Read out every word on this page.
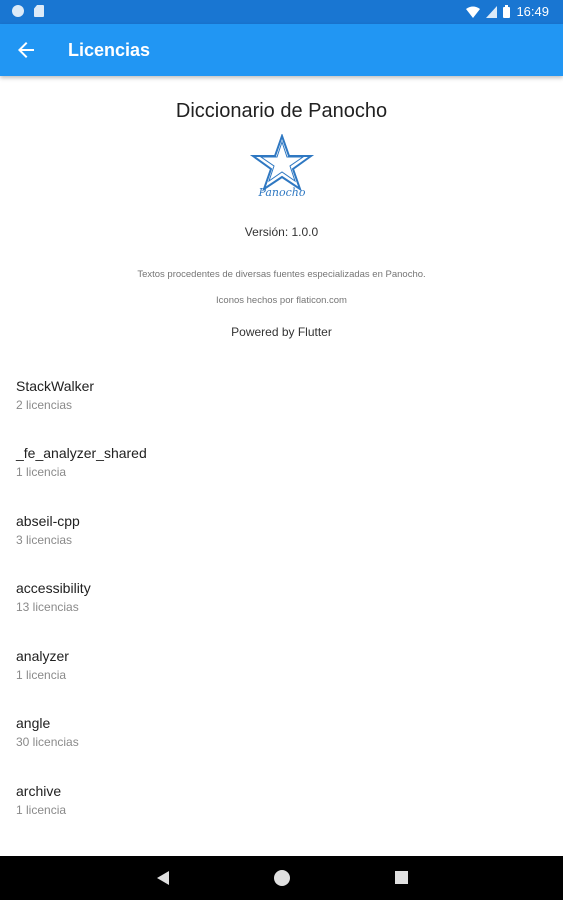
16:49
Licencias
Diccionario de Panocho
Panocho
Versión: 1.0.0
Textos procedentes de diversas fuentes especializadas en Panocho.
Iconos hechos por flaticon.com
Powered by Flutter
StackWalker
2 licencias
_fe_analyzer_shared
1 licencia
abseil-cpp
3 licencias
accessibility
13 licencias
analyzer
1 licencia
angle
30 licencias
archive
1 licencia
